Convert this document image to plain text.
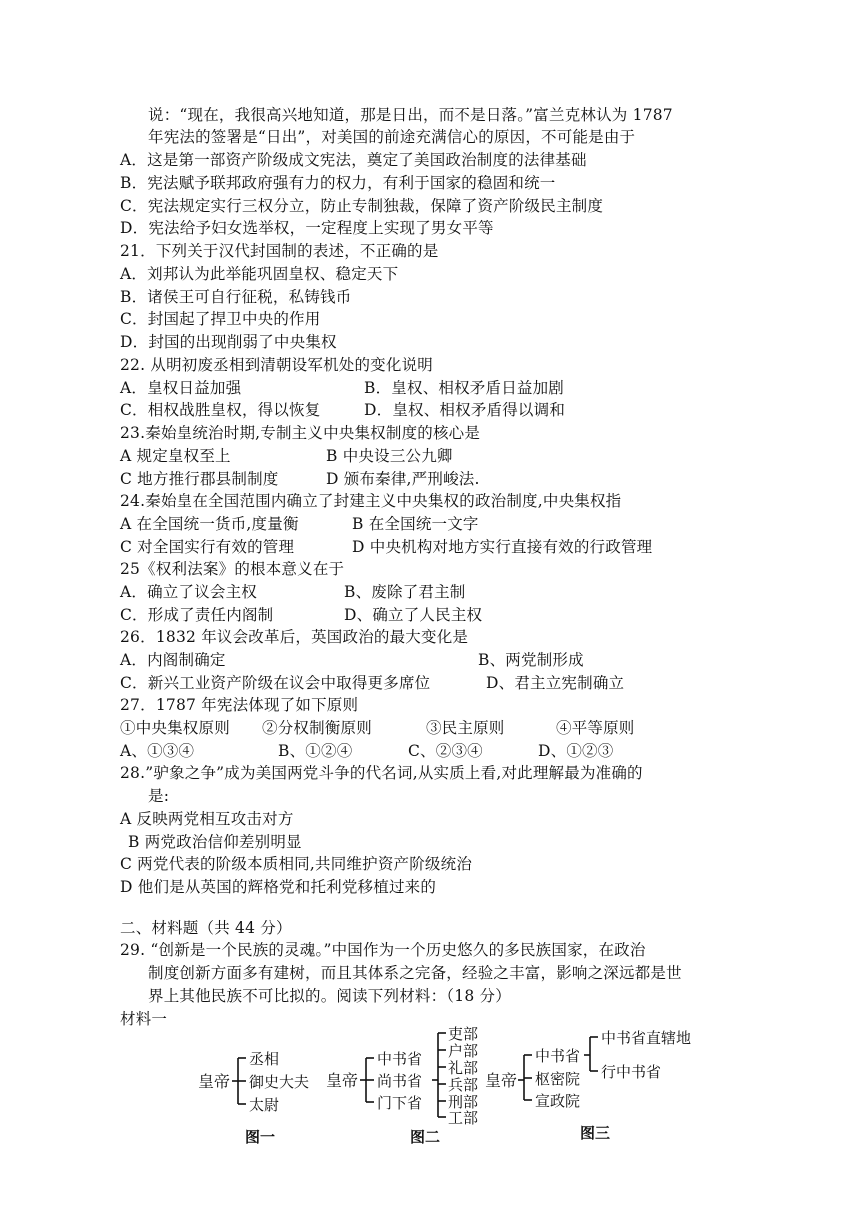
说：“现在，我很高兴地知道，那是日出，而不是日落。”富兰克林认为 1787
年宪法的签署是“日出”，对美国的前途充满信心的原因，不可能是由于
A．这是第一部资产阶级成文宪法，奠定了美国政治制度的法律基础
B．宪法赋予联邦政府强有力的权力，有利于国家的稳固和统一
C．宪法规定实行三权分立，防止专制独裁，保障了资产阶级民主制度
D．宪法给予妇女选举权，一定程度上实现了男女平等
21．下列关于汉代封国制的表述，不正确的是
A．刘邦认为此举能巩固皇权、稳定天下
B．诸侯王可自行征税，私铸钱币
C．封国起了捍卫中央的作用
D．封国的出现削弱了中央集权
22. 从明初废丞相到清朝设军机处的变化说明
A．皇权日益加强	B．皇权、相权矛盾日益加剧
C．相权战胜皇权，得以恢复	D．皇权、相权矛盾得以调和
23.秦始皇统治时期,专制主义中央集权制度的核心是
A 规定皇权至上	B 中央设三公九卿
C 地方推行郡县制制度	D 颁布秦律,严刑峻法.
24.秦始皇在全国范围内确立了封建主义中央集权的政治制度,中央集权指
A 在全国统一货币,度量衡	B 在全国统一文字
C 对全国实行有效的管理	D 中央机构对地方实行直接有效的行政管理
25《权利法案》的根本意义在于
A．确立了议会主权	B、废除了君主制
C．形成了责任内阁制	D、确立了人民主权
26．1832 年议会改革后，英国政治的最大变化是
A．内阁制确定	B、两党制形成
C．新兴工业资产阶级在议会中取得更多席位	D、君主立宪制确立
27．1787 年宪法体现了如下原则
①中央集权原则 ②分权制衡原则	③民主原则	④平等原则
A、①③④	B、①②④	C、②③④	D、①②③
28.”驴象之争”成为美国两党斗争的代名词,从实质上看,对此理解最为准确的
是:
A 反映两党相互攻击对方
B 两党政治信仰差别明显
C 两党代表的阶级本质相同,共同维护资产阶级统治
D 他们是从英国的辉格党和托利党移植过来的
二、材料题（共 44 分）
29. “创新是一个民族的灵魂。”中国作为一个历史悠久的多民族国家，在政治
制度创新方面多有建树，而且其体系之完备，经验之丰富，影响之深远都是世
界上其他民族不可比拟的。阅读下列材料：（18 分）
材料一
皇帝
丞相
御史大夫
太尉
图一
皇帝
中书省
尚书省
门下省
吏部
户部
礼部
兵部
刑部
工部
图二
皇帝
中书省
枢密院
宣政院
中书省直辖地
行中书省
图三
